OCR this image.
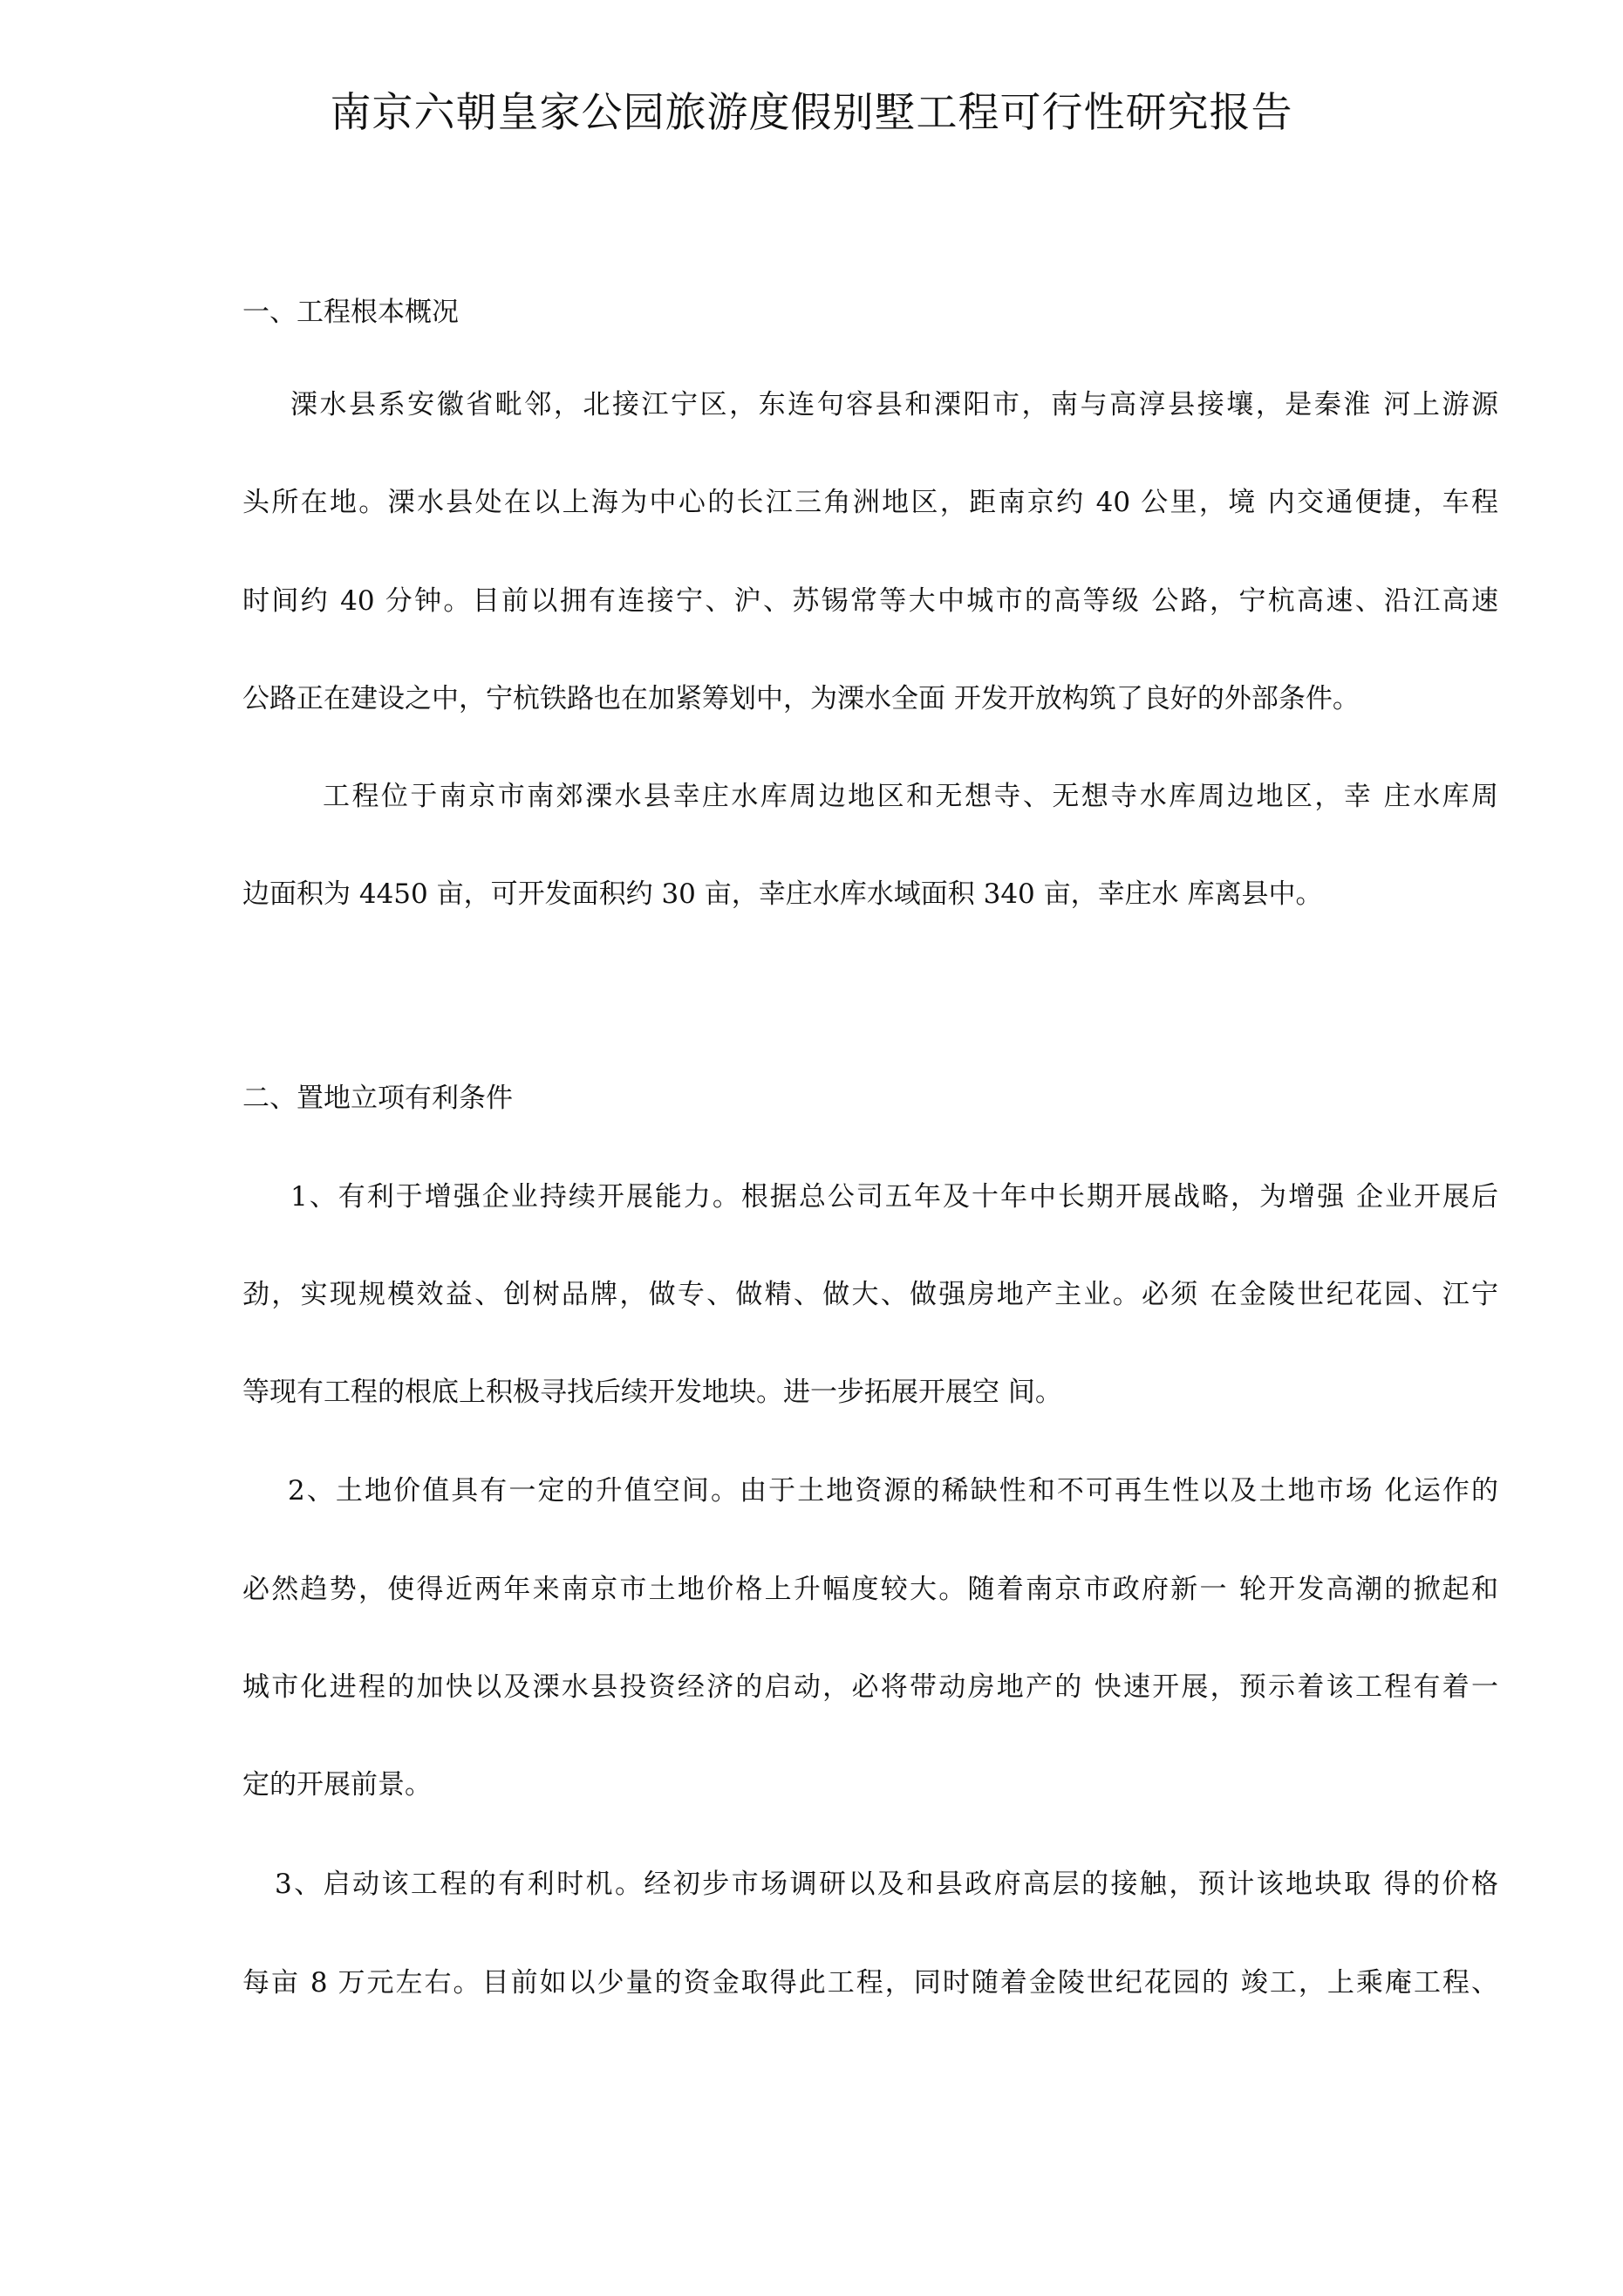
南京六朝皇家公园旅游度假别墅工程可行性研究报告
一、工程根本概况
溧水县系安徽省毗邻，北接江宁区，东连句容县和溧阳市，南与高淳县接壤，是秦淮 河上游源
头所在地。溧水县处在以上海为中心的长江三角洲地区，距南京约 40 公里，境 内交通便捷，车程
时间约 40 分钟。目前以拥有连接宁、沪、苏锡常等大中城市的高等级 公路，宁杭高速、沿江高速
公路正在建设之中，宁杭铁路也在加紧筹划中，为溧水全面 开发开放构筑了良好的外部条件。
工程位于南京市南郊溧水县幸庄水库周边地区和无想寺、无想寺水库周边地区，幸 庄水库周
边面积为 4450 亩，可开发面积约 30 亩，幸庄水库水域面积 340 亩，幸庄水 库离县中。
二、置地立项有利条件
1、有利于增强企业持续开展能力。根据总公司五年及十年中长期开展战略，为增强 企业开展后
劲，实现规模效益、创树品牌，做专、做精、做大、做强房地产主业。必须 在金陵世纪花园、江宁
等现有工程的根底上积极寻找后续开发地块。进一步拓展开展空 间。
2、土地价值具有一定的升值空间。由于土地资源的稀缺性和不可再生性以及土地市场 化运作的
必然趋势，使得近两年来南京市土地价格上升幅度较大。随着南京市政府新一 轮开发高潮的掀起和
城市化进程的加快以及溧水县投资经济的启动，必将带动房地产的 快速开展，预示着该工程有着一
定的开展前景。
3、启动该工程的有利时机。经初步市场调研以及和县政府高层的接触，预计该地块取 得的价格
每亩 8 万元左右。目前如以少量的资金取得此工程，同时随着金陵世纪花园的 竣工，上乘庵工程、
